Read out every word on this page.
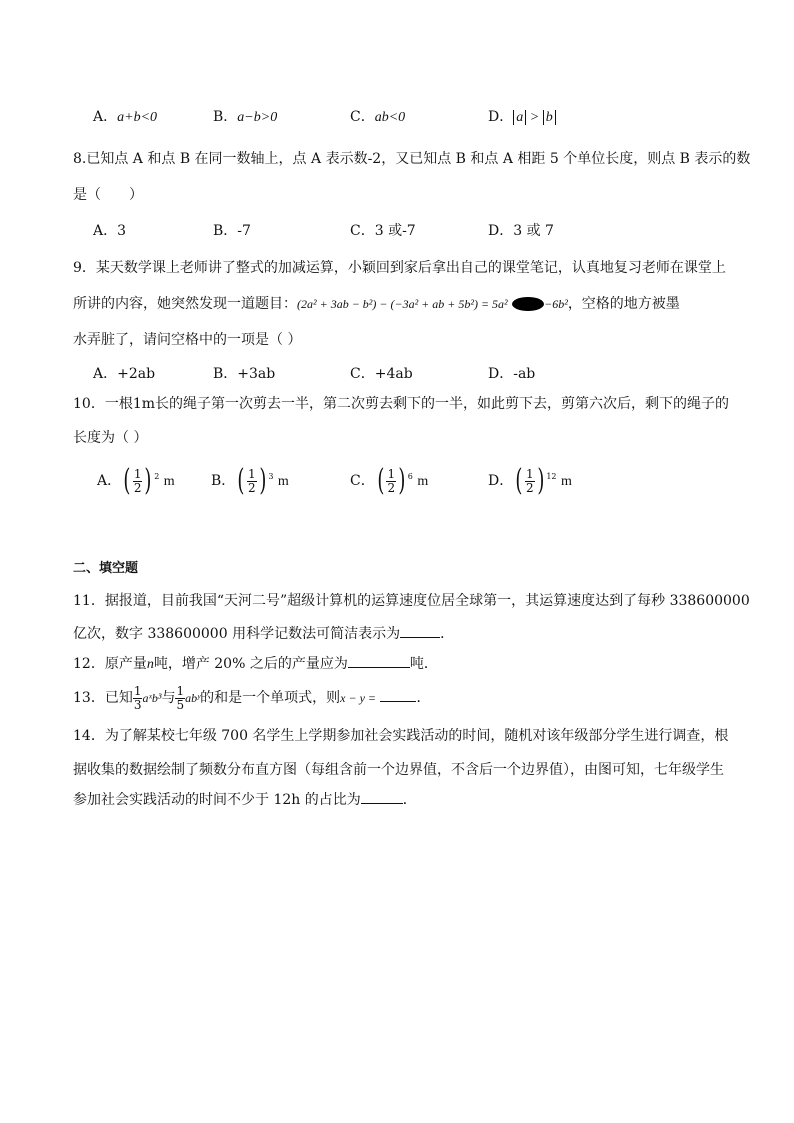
A．a+b<0	B．a−b>0	C．ab<0	D． a > b
8.已知点 A 和点 B 在同一数轴上，点 A 表示数-2，又已知点 B 和点 A 相距 5 个单位长度，则点 B 表示的数
是（　　）
A．3	B．-7	C．3 或-7	D．3 或 7
9．某天数学课上老师讲了整式的加减运算，小颖回到家后拿出自己的课堂笔记，认真地复习老师在课堂上
所讲的内容，她突然发现一道题目：(2a² + 3ab − b²) − (−3a² + ab + 5b²) = 5a²	−6b²，空格的地方被墨
水弄脏了，请问空格中的一项是（ ）
A．+2ab	B．+3ab	C．+4ab	D．-ab
10．一根1m长的绳子第一次剪去一半，第二次剪去剩下的一半，如此剪下去，剪第六次后，剩下的绳子的
长度为（ ）
A．( $\frac{1}{2}$ ) 2 m	B．( $\frac{1}{2}$ ) 3 m	C．( $\frac{1}{2}$ ) 6 m	D．( $\frac{1}{2}$ ) 12 m
二、填空题
11．据报道，目前我国“天河二号”超级计算机的运算速度位居全球第一，其运算速度达到了每秒 338600000
亿次，数字 338600000 用科学记数法可简洁表示为	．
12．原产量n吨，增产 20% 之后的产量应为	吨．
13．已知 $\frac{1}{3}$ aˣb³与 $\frac{1}{5}$ abʸ的和是一个单项式，则x − y =	．
14．为了解某校七年级 700 名学生上学期参加社会实践活动的时间，随机对该年级部分学生进行调查，根
据收集的数据绘制了频数分布直方图（每组含前一个边界值，不含后一个边界值），由图可知，七年级学生
参加社会实践活动的时间不少于 12h 的占比为	．
